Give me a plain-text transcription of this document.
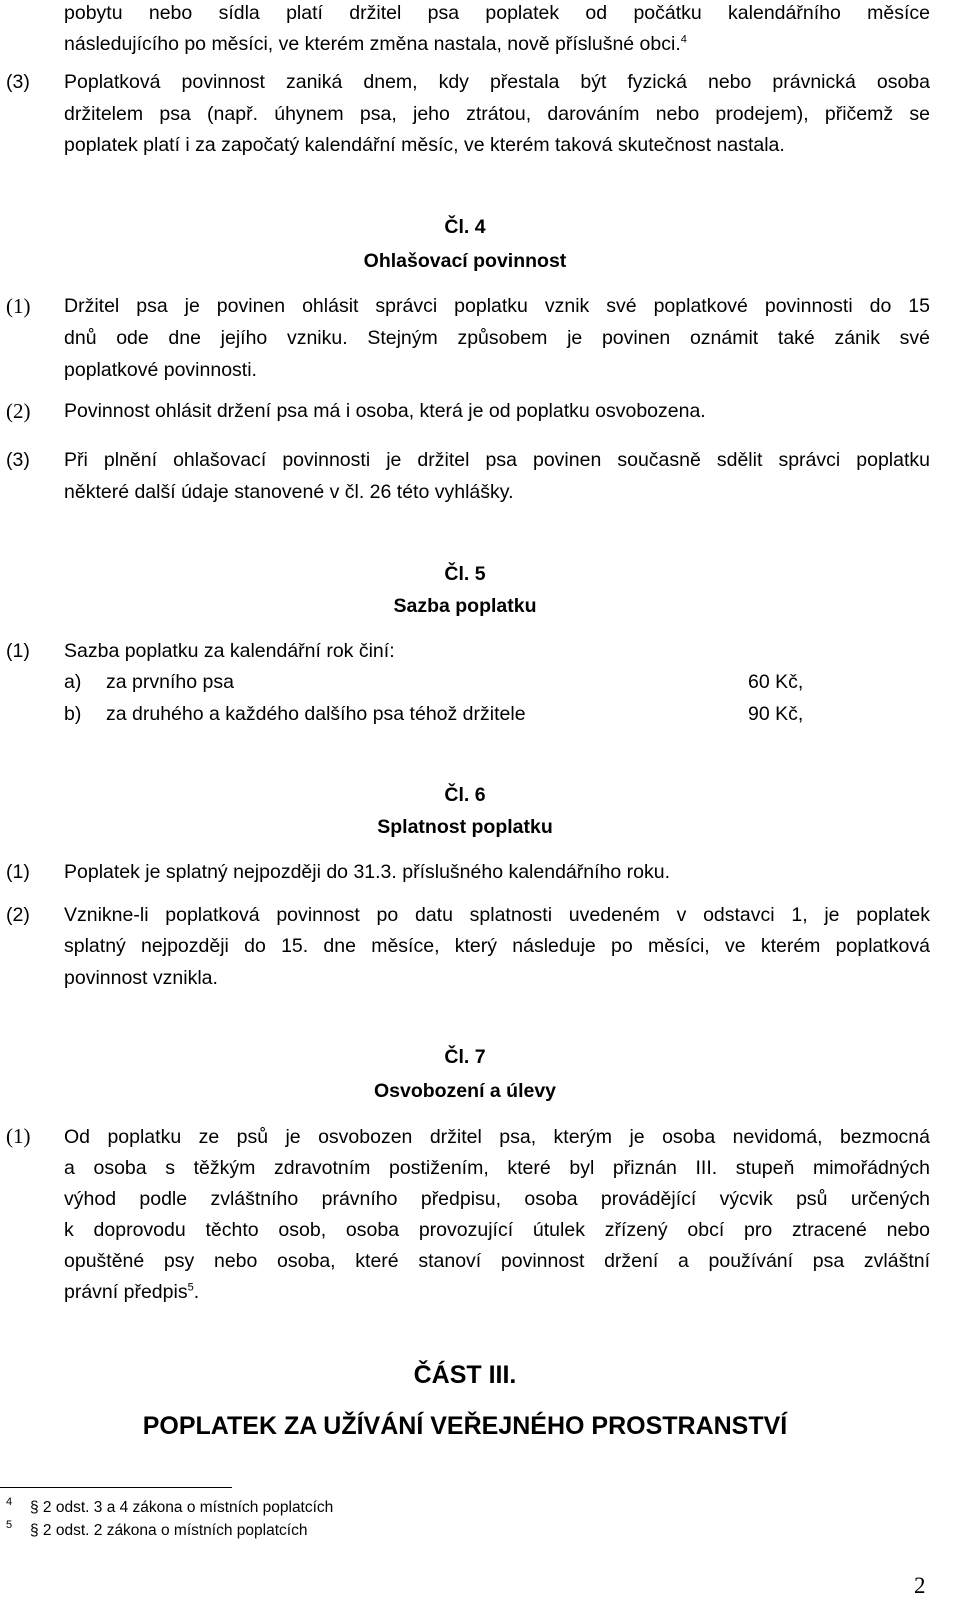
pobytu nebo sídla platí držitel psa poplatek od počátku kalendářního měsíce
následujícího po měsíci, ve kterém změna nastala, nově příslušné obci.$^4$
(3) Poplatková povinnost zaniká dnem, kdy přestala být fyzická nebo právnická osoba
držitelem psa (např. úhynem psa, jeho ztrátou, darováním nebo prodejem), přičemž se
poplatek platí i za započatý kalendářní měsíc, ve kterém taková skutečnost nastala.
Čl. 4
Ohlašovací povinnost
(1) Držitel psa je povinen ohlásit správci poplatku vznik své poplatkové povinnosti do 15
dnů ode dne jejího vzniku. Stejným způsobem je povinen oznámit také zánik své
poplatkové povinnosti.
(2) Povinnost ohlásit držení psa má i osoba, která je od poplatku osvobozena.
(3) Při plnění ohlašovací povinnosti je držitel psa povinen současně sdělit správci poplatku
některé další údaje stanovené v čl. 26 této vyhlášky.
Čl. 5
Sazba poplatku
(1) Sazba poplatku za kalendářní rok činí:
a) za prvního psa	60 Kč,
b) za druhého a každého dalšího psa téhož držitele	90 Kč,
Čl. 6
Splatnost poplatku
(1) Poplatek je splatný nejpozději do 31.3. příslušného kalendářního roku.
(2) Vznikne-li poplatková povinnost po datu splatnosti uvedeném v odstavci 1, je poplatek
splatný nejpozději do 15. dne měsíce, který následuje po měsíci, ve kterém poplatková
povinnost vznikla.
Čl. 7
Osvobození a úlevy
(1) Od poplatku ze psů je osvobozen držitel psa, kterým je osoba nevidomá, bezmocná
a osoba s těžkým zdravotním postižením, které byl přiznán III. stupeň mimořádných
výhod podle zvláštního právního předpisu, osoba provádějící výcvik psů určených
k doprovodu těchto osob, osoba provozující útulek zřízený obcí pro ztracené nebo
opuštěné psy nebo osoba, které stanoví povinnost držení a používání psa zvláštní
právní předpis$^5$.
ČÁST III.
POPLATEK ZA UŽÍVÁNÍ VEŘEJNÉHO PROSTRANSTVÍ
4 § 2 odst. 3 a 4 zákona o místních poplatcích
5 § 2 odst. 2 zákona o místních poplatcích
2
